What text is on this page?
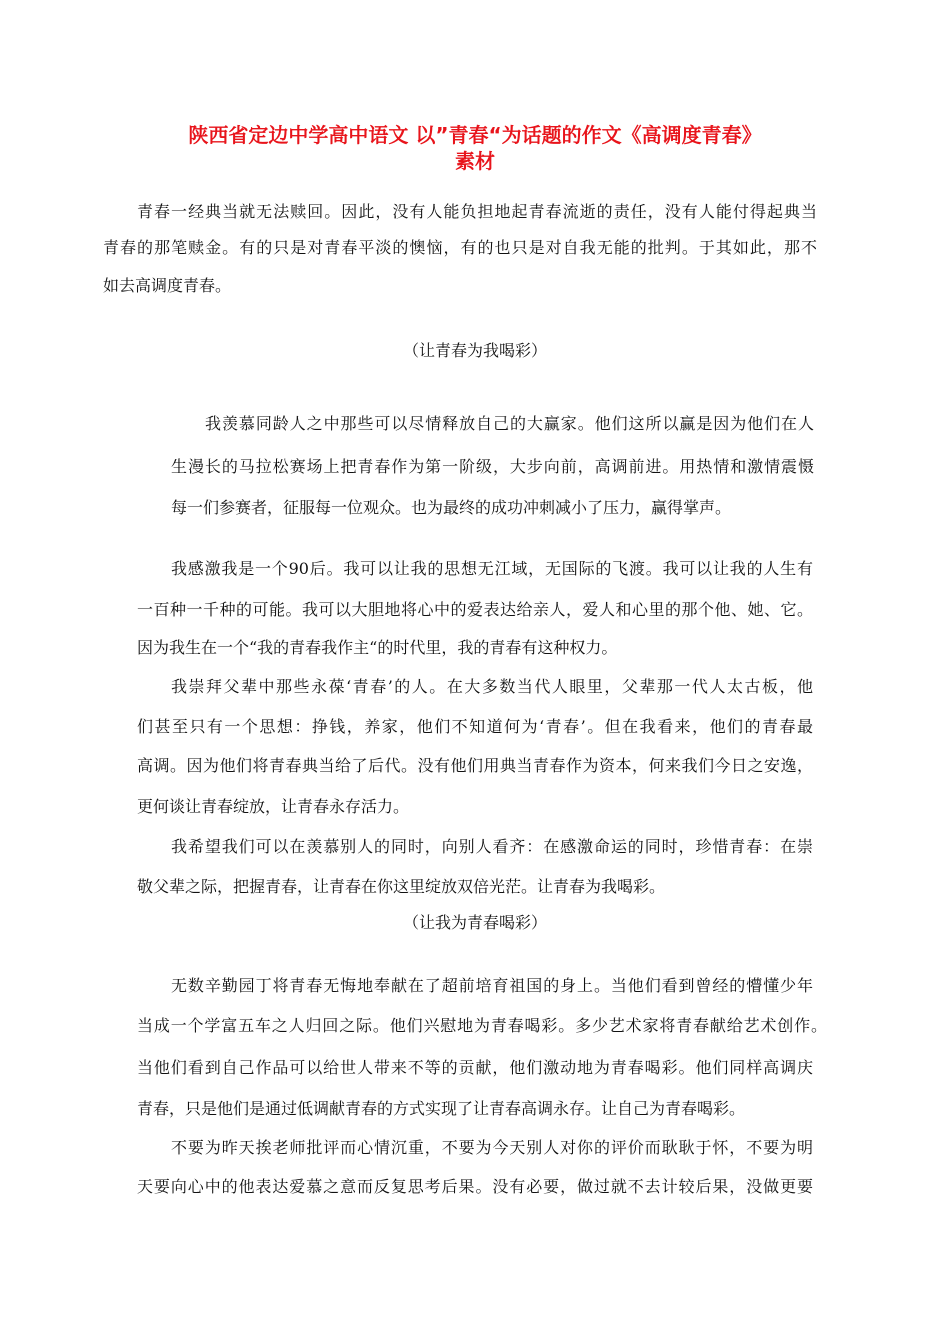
陕西省定边中学高中语文 以”青春“为话题的作文《高调度青春》
素材
青春一经典当就无法赎回。因此，没有人能负担地起青春流逝的责任，没有人能付得起典当
青春的那笔赎金。有的只是对青春平淡的懊恼，有的也只是对自我无能的批判。于其如此，那不
如去高调度青春。
（让青春为我喝彩）
我羡慕同龄人之中那些可以尽情释放自己的大赢家。他们这所以赢是因为他们在人
生漫长的马拉松赛场上把青春作为第一阶级，大步向前，高调前进。用热情和激情震慑
每一们参赛者，征服每一位观众。也为最终的成功冲刺减小了压力，赢得掌声。
我感激我是一个90后。我可以让我的思想无江域，无国际的飞渡。我可以让我的人生有
一百种一千种的可能。我可以大胆地将心中的爱表达给亲人，爱人和心里的那个他、她、它。
因为我生在一个“我的青春我作主“的时代里，我的青春有这种权力。
我崇拜父辈中那些永葆‘青春’的人。在大多数当代人眼里，父辈那一代人太古板，他
们甚至只有一个思想：挣钱，养家，他们不知道何为‘青春’。但在我看来，他们的青春最
高调。因为他们将青春典当给了后代。没有他们用典当青春作为资本，何来我们今日之安逸，
更何谈让青春绽放，让青春永存活力。
我希望我们可以在羡慕别人的同时，向别人看齐：在感激命运的同时，珍惜青春：在崇
敬父辈之际，把握青春，让青春在你这里绽放双倍光茫。让青春为我喝彩。
（让我为青春喝彩）
无数辛勤园丁将青春无悔地奉献在了超前培育祖国的身上。当他们看到曾经的懵懂少年
当成一个学富五车之人归回之际。他们兴慰地为青春喝彩。多少艺术家将青春献给艺术创作。
当他们看到自己作品可以给世人带来不等的贡献，他们激动地为青春喝彩。他们同样高调庆
青春，只是他们是通过低调献青春的方式实现了让青春高调永存。让自己为青春喝彩。
不要为昨天挨老师批评而心情沉重，不要为今天别人对你的评价而耿耿于怀，不要为明
天要向心中的他表达爱慕之意而反复思考后果。没有必要，做过就不去计较后果，没做更要
